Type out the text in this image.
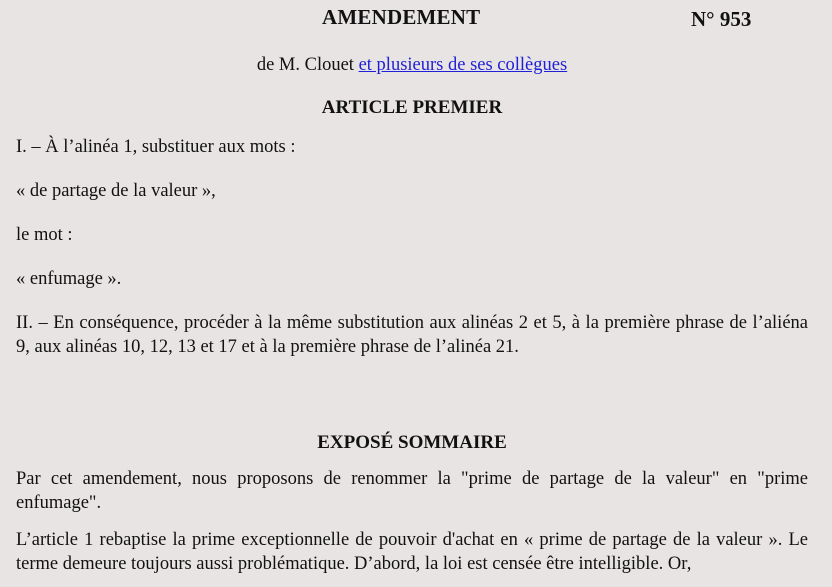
AMENDEMENT	N° 953
de M. Clouet et plusieurs de ses collègues
ARTICLE PREMIER

I. – À l’alinéa 1, substituer aux mots :

« de partage de la valeur »,

le mot :

« enfumage ».

II. – En conséquence, procéder à la même substitution aux alinéas 2 et 5, à la première phrase de l’aliéna 9, aux alinéas 10, 12, 13 et 17 et à la première phrase de l’alinéa 21.

EXPOSÉ SOMMAIRE

Par cet amendement, nous proposons de renommer la "prime de partage de la valeur" en "prime enfumage".

L’article 1 rebaptise la prime exceptionnelle de pouvoir d'achat en « prime de partage de la valeur ». Le terme demeure toujours aussi problématique. D’abord, la loi est censée être intelligible. Or,
